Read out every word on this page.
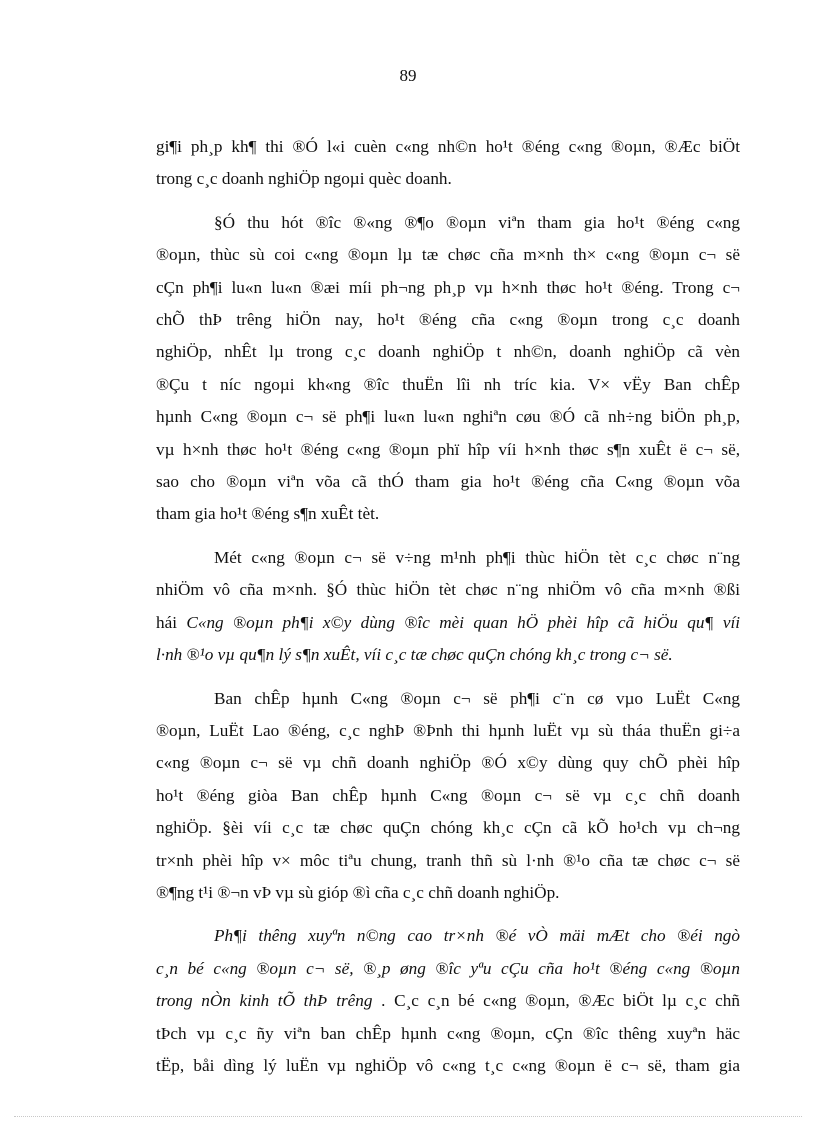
89

gi¶i ph¸p kh¶ thi ®Ó l«i cuèn c«ng nh©n ho¹t ®éng c«ng ®oµn, ®Æc biÖt
trong c¸c doanh nghiÖp ngoµi quèc doanh.

§Ó thu hót ®îc ®«ng ®¶o ®oµn viªn tham gia ho¹t ®éng c«ng
®oµn, thùc sù coi c«ng ®oµn lµ tæ chøc cña m×nh th× c«ng ®oµn c¬ së
cÇn ph¶i lu«n lu«n ®æi míi ph¬ng ph¸p vµ h×nh thøc ho¹t ®éng. Trong c¬
chÕ thÞ trêng hiÖn nay, ho¹t ®éng cña c«ng ®oµn trong c¸c doanh
nghiÖp, nhÊt lµ trong c¸c doanh nghiÖp t nh©n, doanh nghiÖp cã vèn
®Çu t níc ngoµi kh«ng ®îc thuËn lîi nh tríc kia. V× vËy Ban chÊp
hµnh C«ng ®oµn c¬ së ph¶i lu«n lu«n nghiªn cøu ®Ó cã nh÷ng biÖn ph¸p,
vµ h×nh thøc ho¹t ®éng c«ng ®oµn phï hîp víi h×nh thøc s¶n xuÊt ë c¬ së,
sao cho ®oµn viªn võa cã thÓ tham gia ho¹t ®éng cña C«ng ®oµn võa
tham gia ho¹t ®éng s¶n xuÊt tèt.

Mét c«ng ®oµn c¬ së v÷ng m¹nh ph¶i thùc hiÖn tèt c¸c chøc n¨ng
nhiÖm vô cña m×nh. §Ó thùc hiÖn tèt chøc n¨ng nhiÖm vô cña m×nh ®ßi
hái C«ng ®oµn ph¶i x©y dùng ®îc mèi quan hÖ phèi hîp cã hiÖu qu¶ víi
l·nh ®¹o vµ qu¶n lý s¶n xuÊt, víi c¸c tæ chøc quÇn chóng kh¸c trong c¬ së.

Ban chÊp hµnh C«ng ®oµn c¬ së ph¶i c¨n cø vµo LuËt C«ng
®oµn, LuËt Lao ®éng, c¸c nghÞ ®Þnh thi hµnh luËt vµ sù tháa thuËn gi÷a
c«ng ®oµn c¬ së vµ chñ doanh nghiÖp ®Ó x©y dùng quy chÕ phèi hîp
ho¹t ®éng giòa Ban chÊp hµnh C«ng ®oµn c¬ së vµ c¸c chñ doanh
nghiÖp. §èi víi c¸c tæ chøc quÇn chóng kh¸c cÇn cã kÕ ho¹ch vµ ch¬ng
tr×nh phèi hîp v× môc tiªu chung, tranh thñ sù l·nh ®¹o cña tæ chøc c¬ së
®¶ng t¹i ®¬n vÞ vµ sù gióp ®ì cña c¸c chñ doanh nghiÖp.

Ph¶i thêng xuyªn n©ng cao tr×nh ®é vÒ mäi mÆt cho ®éi ngò
c¸n bé c«ng ®oµn c¬ së, ®¸p øng ®îc yªu cÇu cña ho¹t ®éng c«ng ®oµn
trong nÒn kinh tÕ thÞ trêng . C¸c c¸n bé c«ng ®oµn, ®Æc biÖt lµ c¸c chñ
tÞch vµ c¸c ñy viªn ban chÊp hµnh c«ng ®oµn, cÇn ®îc thêng xuyªn häc
tËp, båi dìng lý luËn vµ nghiÖp vô c«ng t¸c c«ng ®oµn ë c¬ së, tham gia
